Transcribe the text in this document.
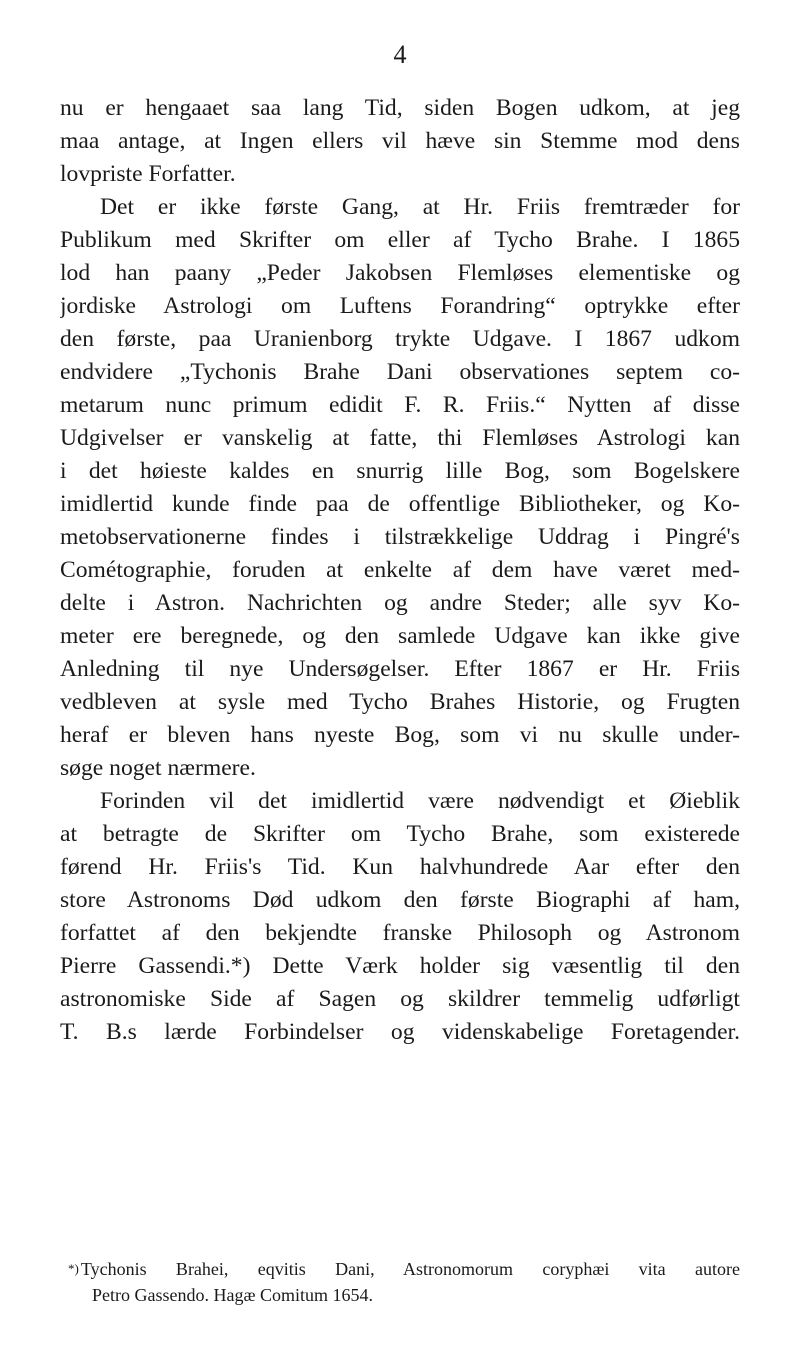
4
nu er hengaaet saa lang Tid, siden Bogen udkom, at jeg
maa antage, at Ingen ellers vil hæve sin Stemme mod dens
lovpriste Forfatter.
Det er ikke første Gang, at Hr. Friis fremtræder for
Publikum med Skrifter om eller af Tycho Brahe. I 1865
lod han paany „Peder Jakobsen Flemløses elementiske og
jordiske Astrologi om Luftens Forandring“ optrykke efter
den første, paa Uranienborg trykte Udgave. I 1867 udkom
endvidere „Tychonis Brahe Dani observationes septem co-
metarum nunc primum edidit F. R. Friis.“ Nytten af disse
Udgivelser er vanskelig at fatte, thi Flemløses Astrologi kan
i det høieste kaldes en snurrig lille Bog, som Bogelskere
imidlertid kunde finde paa de offentlige Bibliotheker, og Ko-
metobservationerne findes i tilstrækkelige Uddrag i Pingré's
Cométographie, foruden at enkelte af dem have været med-
delte i Astron. Nachrichten og andre Steder; alle syv Ko-
meter ere beregnede, og den samlede Udgave kan ikke give
Anledning til nye Undersøgelser. Efter 1867 er Hr. Friis
vedbleven at sysle med Tycho Brahes Historie, og Frugten
heraf er bleven hans nyeste Bog, som vi nu skulle under-
søge noget nærmere.
Forinden vil det imidlertid være nødvendigt et Øieblik
at betragte de Skrifter om Tycho Brahe, som existerede
førend Hr. Friis's Tid. Kun halvhundrede Aar efter den
store Astronoms Død udkom den første Biographi af ham,
forfattet af den bekjendte franske Philosoph og Astronom
Pierre Gassendi.*) Dette Værk holder sig væsentlig til den
astronomiske Side af Sagen og skildrer temmelig udførligt
T. B.s lærde Forbindelser og videnskabelige Foretagender.
*) Tychonis Brahei, eqvitis Dani, Astronomorum coryphæi vita autore
Petro Gassendo. Hagæ Comitum 1654.
